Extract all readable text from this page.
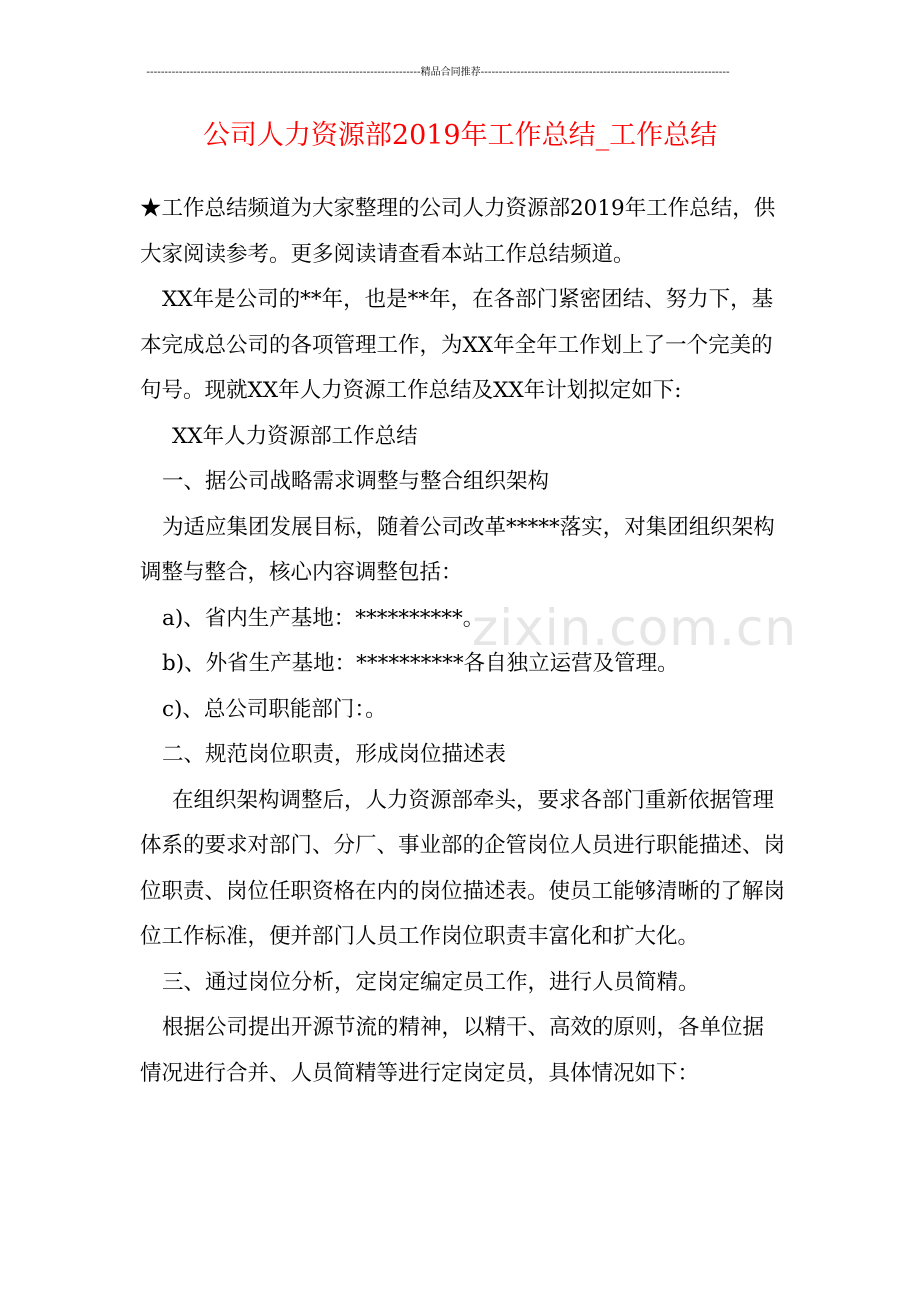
----------------------------------------------------------------------------精品合同推荐---------------------------------------------------------------------
公司人力资源部2019年工作总结_工作总结
zixin.com.cn

★工作总结频道为大家整理的公司人力资源部2019年工作总结，供大家阅读参考。更多阅读请查看本站工作总结频道。

XX年是公司的**年，也是**年，在各部门紧密团结、努力下，基本完成总公司的各项管理工作，为XX年全年工作划上了一个完美的句号。现就XX年人力资源工作总结及XX年计划拟定如下:

XX年人力资源部工作总结

一、据公司战略需求调整与整合组织架构

为适应集团发展目标，随着公司改革*****落实，对集团组织架构调整与整合，核心内容调整包括：

a)、省内生产基地：**********。

b)、外省生产基地：**********各自独立运营及管理。

c)、总公司职能部门：。

二、规范岗位职责，形成岗位描述表

在组织架构调整后，人力资源部牵头，要求各部门重新依据管理体系的要求对部门、分厂、事业部的企管岗位人员进行职能描述、岗位职责、岗位任职资格在内的岗位描述表。使员工能够清晰的了解岗位工作标准，便并部门人员工作岗位职责丰富化和扩大化。

三、通过岗位分析，定岗定编定员工作，进行人员简精。

根据公司提出开源节流的精神，以精干、高效的原则，各单位据情况进行合并、人员简精等进行定岗定员，具体情况如下：
